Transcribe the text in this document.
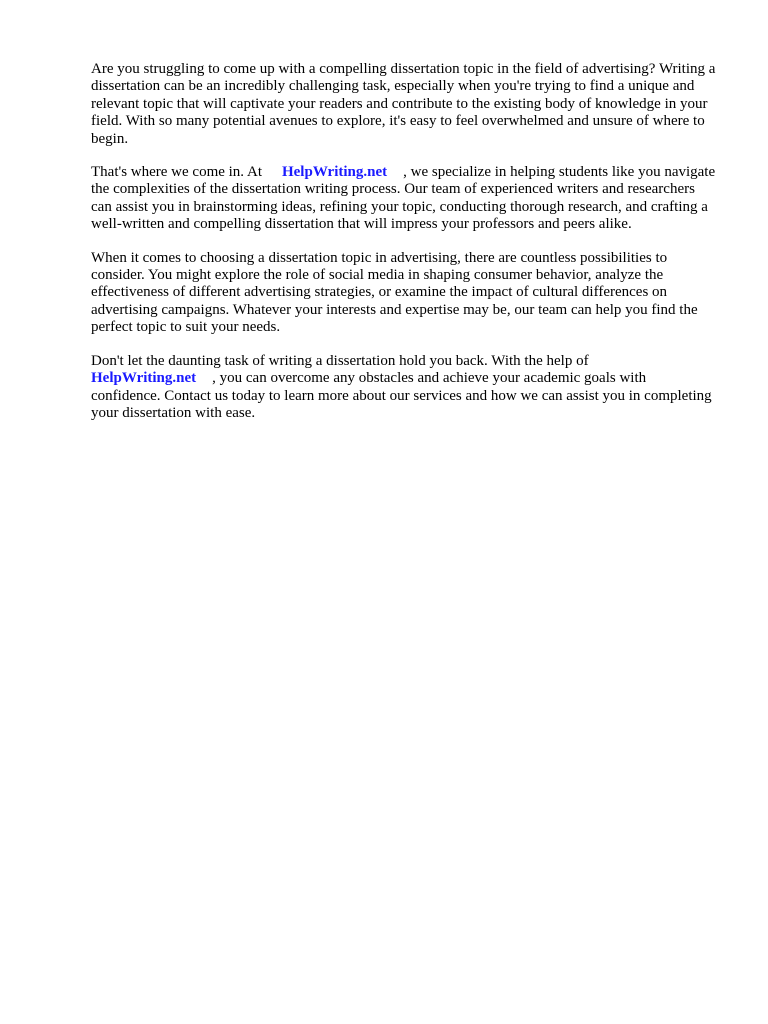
Are you struggling to come up with a compelling dissertation topic in the field of advertising? Writing a dissertation can be an incredibly challenging task, especially when you're trying to find a unique and relevant topic that will captivate your readers and contribute to the existing body of knowledge in your field. With so many potential avenues to explore, it's easy to feel overwhelmed and unsure of where to begin.

That's where we come in. At HelpWriting.net , we specialize in helping students like you navigate the complexities of the dissertation writing process. Our team of experienced writers and researchers can assist you in brainstorming ideas, refining your topic, conducting thorough research, and crafting a well-written and compelling dissertation that will impress your professors and peers alike.

When it comes to choosing a dissertation topic in advertising, there are countless possibilities to consider. You might explore the role of social media in shaping consumer behavior, analyze the effectiveness of different advertising strategies, or examine the impact of cultural differences on advertising campaigns. Whatever your interests and expertise may be, our team can help you find the perfect topic to suit your needs.

Don't let the daunting task of writing a dissertation hold you back. With the help of
HelpWriting.net , you can overcome any obstacles and achieve your academic goals with confidence. Contact us today to learn more about our services and how we can assist you in completing your dissertation with ease.
